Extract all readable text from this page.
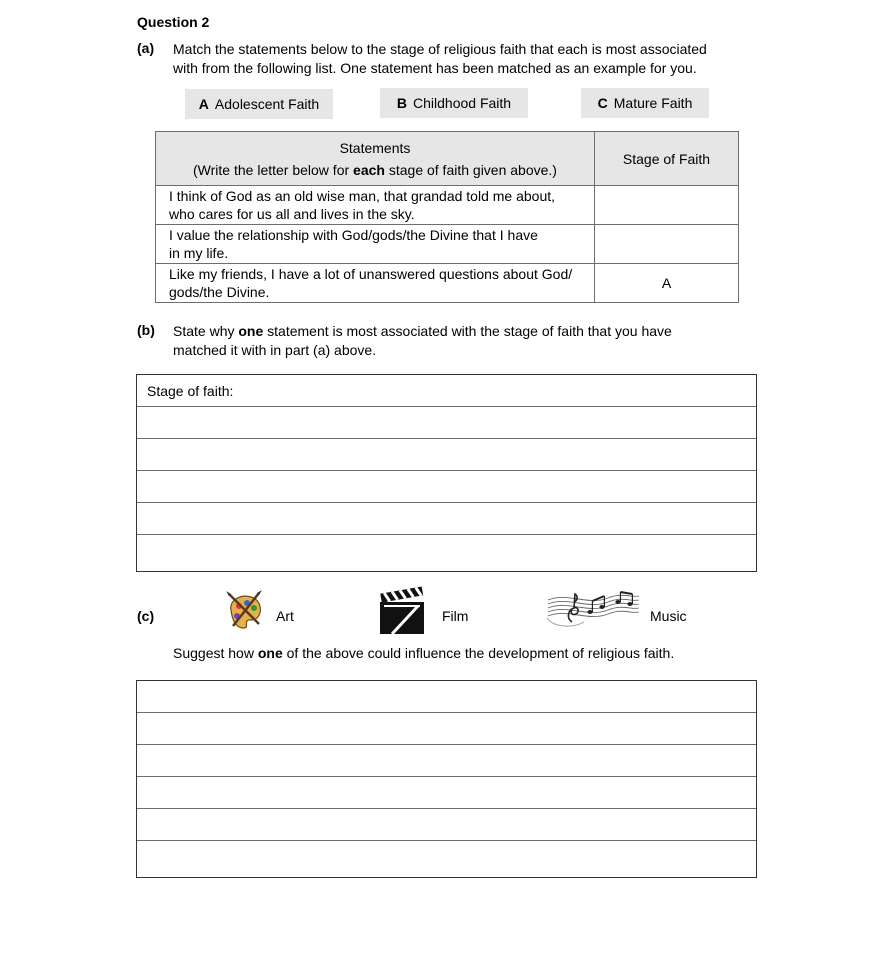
Question 2
(a) Match the statements below to the stage of religious faith that each is most associated
with from the following list. One statement has been matched as an example for you.
A Adolescent Faith	B Childhood Faith	C Mature Faith
Statements
(Write the letter below for each stage of faith given above.)	Stage of Faith

I think of God as an old wise man, that grandad told me about,
who cares for us all and lives in the sky.	

I value the relationship with God/gods/the Divine that I have
in my life.	

Like my friends, I have a lot of unanswered questions about God/
gods/the Divine.	A
(b) State why one statement is most associated with the stage of faith that you have
matched it with in part (a) above.
Stage of faith:
(c)	Art	Film	Music
Suggest how one of the above could influence the development of religious faith.
